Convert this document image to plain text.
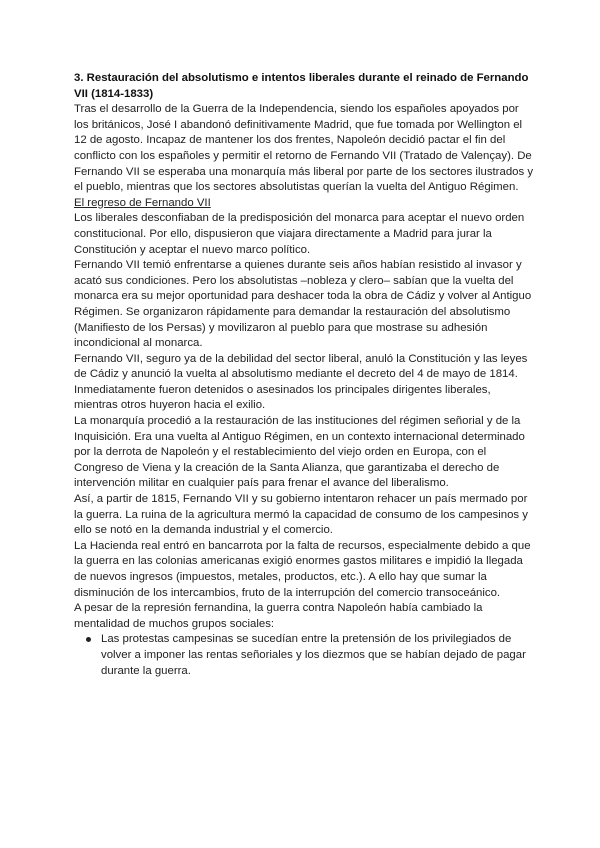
3. Restauración del absolutismo e intentos liberales durante el reinado de Fernando VII (1814-1833)

Tras el desarrollo de la Guerra de la Independencia, siendo los españoles apoyados por los británicos, José I abandonó definitivamente Madrid, que fue tomada por Wellington el 12 de agosto. Incapaz de mantener los dos frentes, Napoleón decidió pactar el fin del conflicto con los españoles y permitir el retorno de Fernando VII (Tratado de Valençay). De Fernando VII se esperaba una monarquía más liberal por parte de los sectores ilustrados y el pueblo, mientras que los sectores absolutistas querían la vuelta del Antiguo Régimen.

El regreso de Fernando VII

Los liberales desconfiaban de la predisposición del monarca para aceptar el nuevo orden constitucional. Por ello, dispusieron que viajara directamente a Madrid para jurar la Constitución y aceptar el nuevo marco político.

Fernando VII temió enfrentarse a quienes durante seis años habían resistido al invasor y acató sus condiciones. Pero los absolutistas –nobleza y clero– sabían que la vuelta del monarca era su mejor oportunidad para deshacer toda la obra de Cádiz y volver al Antiguo Régimen. Se organizaron rápidamente para demandar la restauración del absolutismo (Manifiesto de los Persas) y movilizaron al pueblo para que mostrase su adhesión incondicional al monarca.

Fernando VII, seguro ya de la debilidad del sector liberal, anuló la Constitución y las leyes de Cádiz y anunció la vuelta al absolutismo mediante el decreto del 4 de mayo de 1814. Inmediatamente fueron detenidos o asesinados los principales dirigentes liberales, mientras otros huyeron hacia el exilio.

La monarquía procedió a la restauración de las instituciones del régimen señorial y de la Inquisición. Era una vuelta al Antiguo Régimen, en un contexto internacional determinado por la derrota de Napoleón y el restablecimiento del viejo orden en Europa, con el Congreso de Viena y la creación de la Santa Alianza, que garantizaba el derecho de intervención militar en cualquier país para frenar el avance del liberalismo.

Así, a partir de 1815, Fernando VII y su gobierno intentaron rehacer un país mermado por la guerra. La ruina de la agricultura mermó la capacidad de consumo de los campesinos y ello se notó en la demanda industrial y el comercio.

La Hacienda real entró en bancarrota por la falta de recursos, especialmente debido a que la guerra en las colonias americanas exigió enormes gastos militares e impidió la llegada de nuevos ingresos (impuestos, metales, productos, etc.). A ello hay que sumar la disminución de los intercambios, fruto de la interrupción del comercio transoceánico.

A pesar de la represión fernandina, la guerra contra Napoleón había cambiado la mentalidad de muchos grupos sociales:

Las protestas campesinas se sucedían entre la pretensión de los privilegiados de volver a imponer las rentas señoriales y los diezmos que se habían dejado de pagar durante la guerra.
